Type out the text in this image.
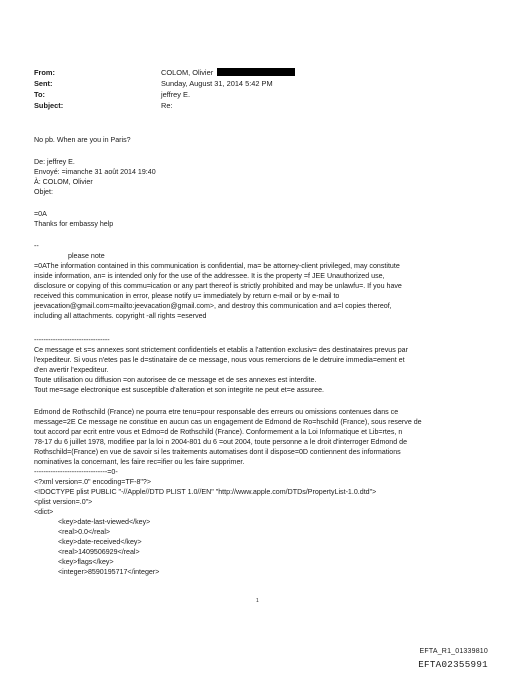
From:	COLOM, Olivier
Sent:	Sunday, August 31, 2014 5:42 PM
To:	jeffrey E.
Subject:	Re:
No pb. When are you in Paris?
De: jeffrey E.
Envoyé: =imanche 31 août 2014 19:40
À: COLOM, Olivier
Objet:
=0A
Thanks for embassy help
--
please note
=0AThe information contained in this communication is confidential, ma= be attorney-client privileged, may constitute
inside information, an= is intended only for the use of the addressee. It is the property =f JEE Unauthorized use,
disclosure or copying of this commu=ication or any part thereof is strictly prohibited and may be unlawfu=. If you have
received this communication in error, please notify u= immediately by return e-mail or by e-mail to
jeevacation@gmail.com=mailto:jeevacation@gmail.com>, and destroy this communication and a=l copies thereof,
including all attachments. copyright -all rights =eserved
--------------------------------
Ce message et s=s annexes sont strictement confidentiels et etablis a l'attention exclusiv= des destinataires prevus par
l'expediteur. Si vous n'etes pas le d=stinataire de ce message, nous vous remercions de le detruire immedia=ement et
d'en avertir l'expediteur.
Toute utilisation ou diffusion =on autorisee de ce message et de ses annexes est interdite.
Tout me=sage electronique est susceptible d'alteration et son integrite ne peut et=e assuree.
Edmond de Rothschild (France) ne pourra etre tenu=pour responsable des erreurs ou omissions contenues dans ce
message=2E Ce message ne constitue en aucun cas un engagement de Edmond de Ro=hschild (France), sous reserve de
tout accord par ecrit entre vous et Edmo=d de Rothschild (France). Conformement a la Loi Informatique et Lib=rtes, n
78-17 du 6 juillet 1978, modifiee par la loi n 2004-801 du 6 =out 2004, toute personne a le droit d'interroger Edmond de
Rothschild=(France) en vue de savoir si les traitements automatises dont il dispose=0D contiennent des informations
nominatives la concernant, les faire rec=ifier ou les faire supprimer.
-------------------------------=0-
<?xml version=.0" encoding=TF-8"?>
<!DOCTYPE plist PUBLIC "-//Apple//DTD PLIST 1.0//EN" "http://www.apple.com/DTDs/PropertyList-1.0.dtd">
<plist version=.0">
<dict>
<key>date-last-viewed</key>
<real>0.0</real>
<key>date-received</key>
<real>1409506929</real>
<key>flags</key>
<integer>8590195717</integer>
1
EFTA_R1_01339810
EFTA02355991
